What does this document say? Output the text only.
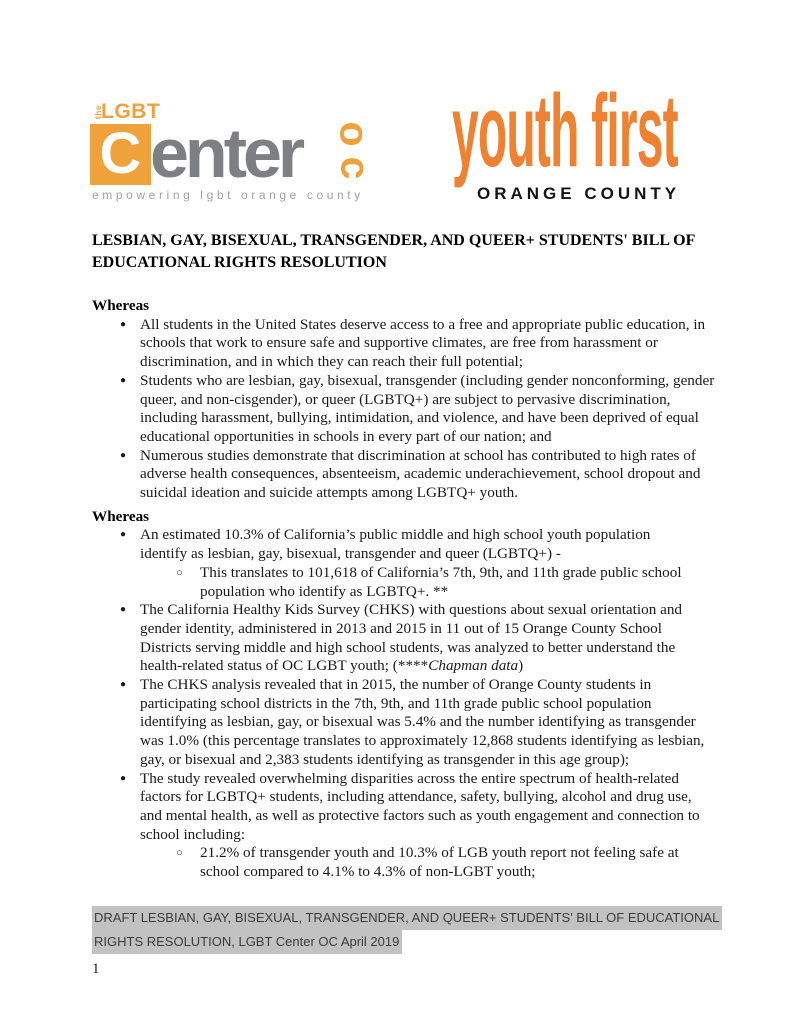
the
LGBT
C enter o
c
empowering lgbt orange county
youth first
ORANGE COUNTY
LESBIAN, GAY, BISEXUAL, TRANSGENDER, AND QUEER+ STUDENTS' BILL OF
EDUCATIONAL RIGHTS RESOLUTION
Whereas
● All students in the United States deserve access to a free and appropriate public education, in schools that work to ensure safe and supportive climates, are free from harassment or discrimination, and in which they can reach their full potential;
● Students who are lesbian, gay, bisexual, transgender (including gender nonconforming, gender queer, and non-cisgender), or queer (LGBTQ+) are subject to pervasive discrimination, including harassment, bullying, intimidation, and violence, and have been deprived of equal educational opportunities in schools in every part of our nation; and
● Numerous studies demonstrate that discrimination at school has contributed to high rates of adverse health consequences, absenteeism, academic underachievement, school dropout and suicidal ideation and suicide attempts among LGBTQ+ youth.
Whereas
● An estimated 10.3% of California’s public middle and high school youth population identify as lesbian, gay, bisexual, transgender and queer (LGBTQ+) -
○	This translates to 101,618 of California’s 7th, 9th, and 11th grade public school population who identify as LGBTQ+. **
● The California Healthy Kids Survey (CHKS) with questions about sexual orientation and gender identity, administered in 2013 and 2015 in 11 out of 15 Orange County School Districts serving middle and high school students, was analyzed to better understand the health-related status of OC LGBT youth; (****Chapman data)
● The CHKS analysis revealed that in 2015, the number of Orange County students in participating school districts in the 7th, 9th, and 11th grade public school population identifying as lesbian, gay, or bisexual was 5.4% and the number identifying as transgender was 1.0% (this percentage translates to approximately 12,868 students identifying as lesbian, gay, or bisexual and 2,383 students identifying as transgender in this age group);
● The study revealed overwhelming disparities across the entire spectrum of health-related factors for LGBTQ+ students, including attendance, safety, bullying, alcohol and drug use, and mental health, as well as protective factors such as youth engagement and connection to school including:
○	21.2% of transgender youth and 10.3% of LGB youth report not feeling safe at school compared to 4.1% to 4.3% of non-LGBT youth;
DRAFT LESBIAN, GAY, BISEXUAL, TRANSGENDER, AND QUEER+ STUDENTS' BILL OF EDUCATIONAL
RIGHTS RESOLUTION, LGBT Center OC April 2019
1
